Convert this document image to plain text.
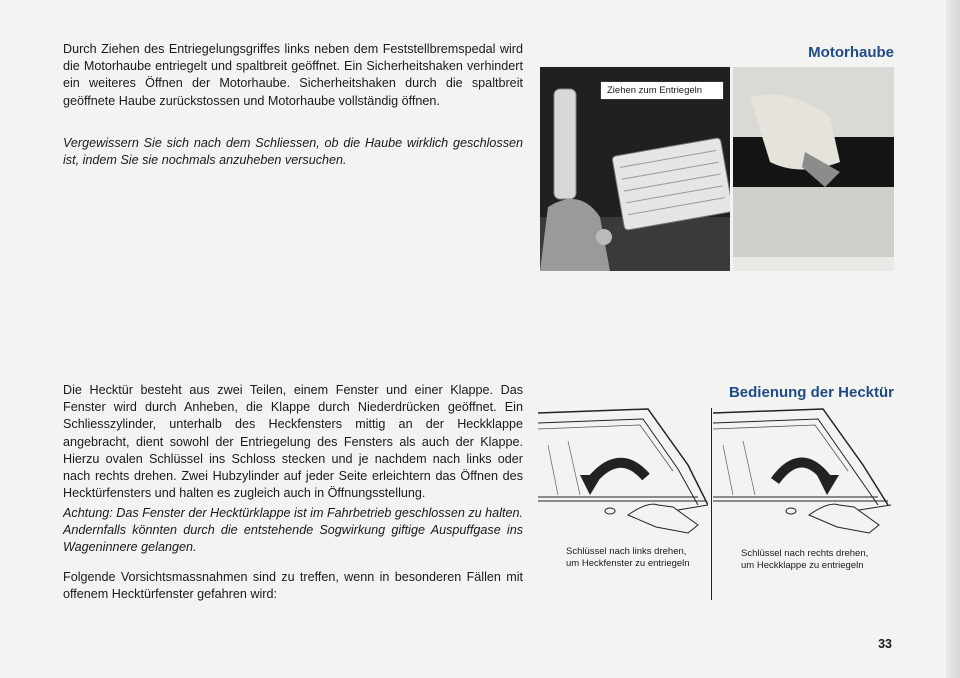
Durch Ziehen des Entriegelungsgriffes links neben dem Feststellbremspedal wird die Motorhaube entriegelt und spaltbreit geöffnet. Ein Sicherheitshaken verhindert ein weiteres Öffnen der Motorhaube. Sicherheitshaken durch die spaltbreit geöffnete Haube zurückstossen und Motorhaube vollständig öffnen.

Vergewissern Sie sich nach dem Schliessen, ob die Haube wirklich geschlossen ist, indem Sie sie nochmals anzuheben versuchen.

Motorhaube
Ziehen zum Entriegeln

Die Hecktür besteht aus zwei Teilen, einem Fenster und einer Klappe. Das Fenster wird durch Anheben, die Klappe durch Niederdrücken geöffnet. Ein Schliesszylinder, unterhalb des Heckfensters mittig an der Heckklappe angebracht, dient sowohl der Entriegelung des Fensters als auch der Klappe. Hierzu ovalen Schlüssel ins Schloss stecken und je nachdem nach links oder nach rechts drehen. Zwei Hubzylinder auf jeder Seite erleichtern das Öffnen des Hecktürfensters und halten es zugleich auch in Öffnungsstellung.

Achtung: Das Fenster der Hecktürklappe ist im Fahrbetrieb geschlossen zu halten. Andernfalls könnten durch die entstehende Sogwirkung giftige Auspuffgase ins Wageninnere gelangen.

Folgende Vorsichtsmassnahmen sind zu treffen, wenn in besonderen Fällen mit offenem Hecktürfenster gefahren wird:

Bedienung der Hecktür

Schlüssel nach links drehen, um Heckfenster zu entriegeln

Schlüssel nach rechts drehen, um Heckklappe zu entriegeln

33
